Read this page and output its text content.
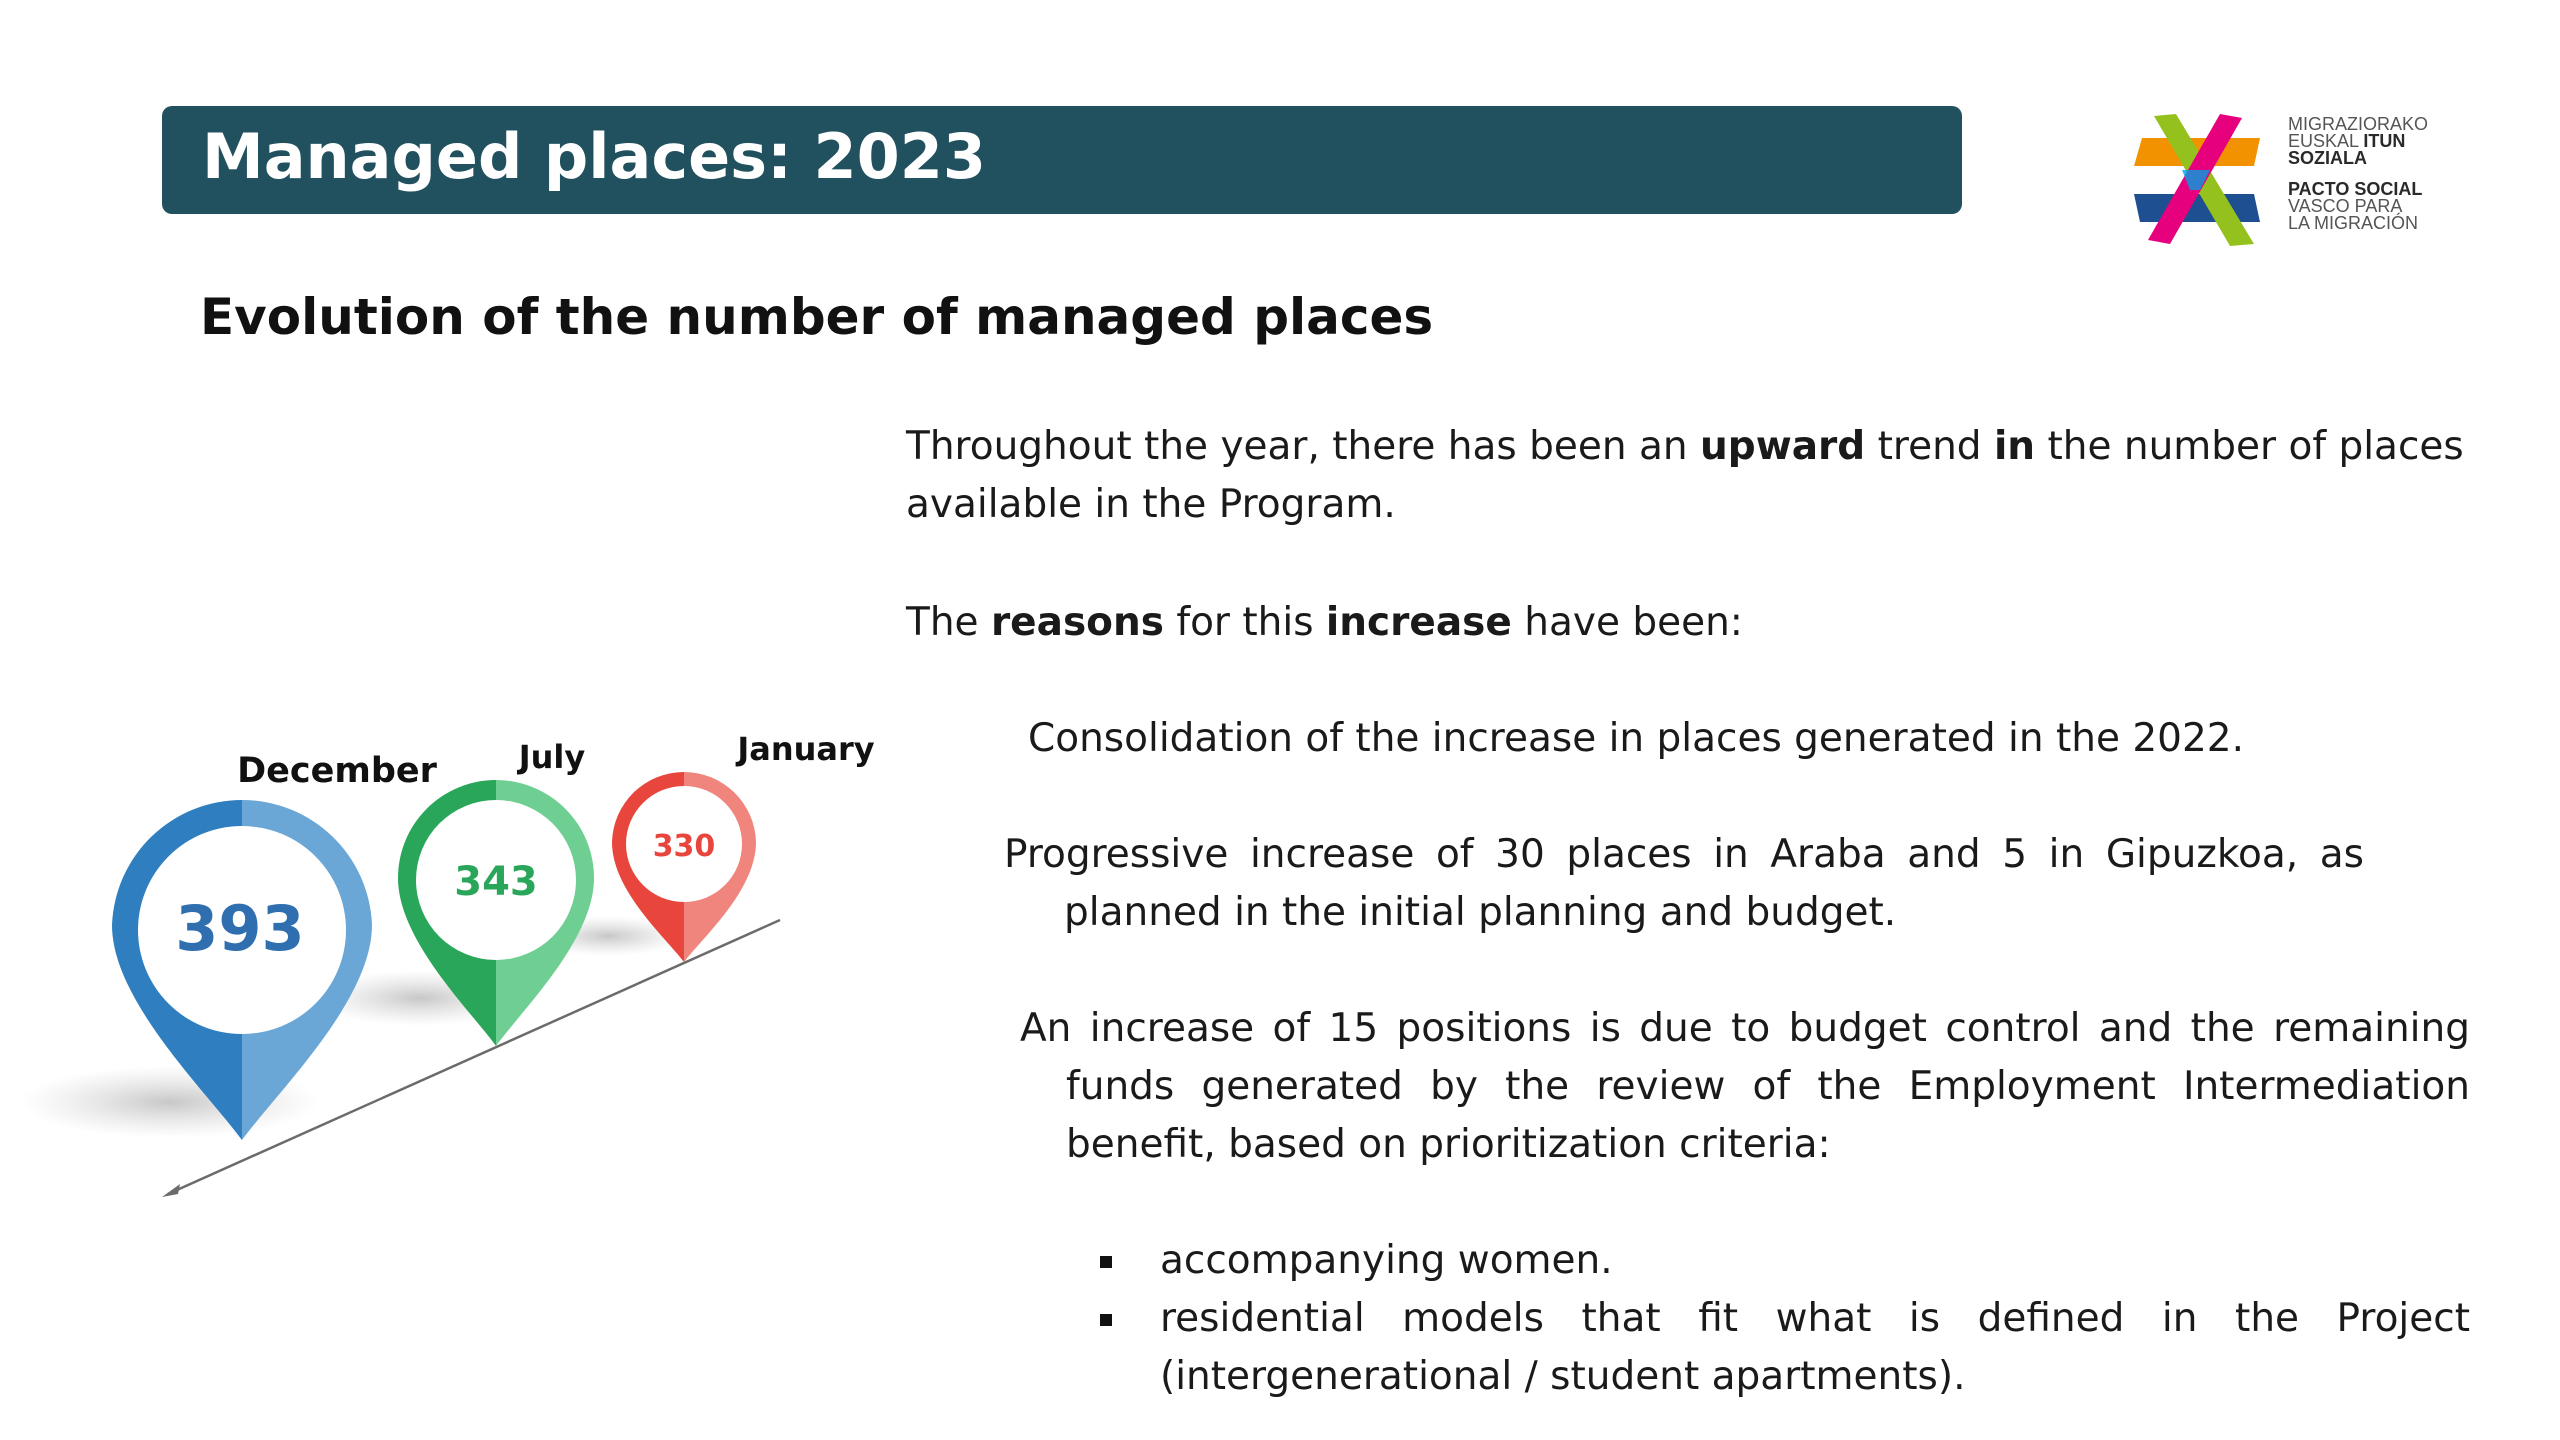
Managed places: 2023	MIGRAZIORAKO
EUSKAL ITUN
SOZIALA
PACTO SOCIAL
VASCO PARA
LA MIGRACIÓN
Evolution of the number of managed places
393
December
343
July
330
January
Throughout the year, there has been an upward trend in the number of places available in the Program.
The reasons for this increase have been:
Consolidation of the increase in places generated in the 2022.
Progressive increase of 30 places in Araba and 5 in Gipuzkoa, as planned in the initial planning and budget.
An increase of 15 positions is due to budget control and the remaining funds generated by the review of the Employment Intermediation benefit, based on prioritization criteria:
accompanying women.
residential models that fit what is defined in the Project (intergenerational / student apartments).
